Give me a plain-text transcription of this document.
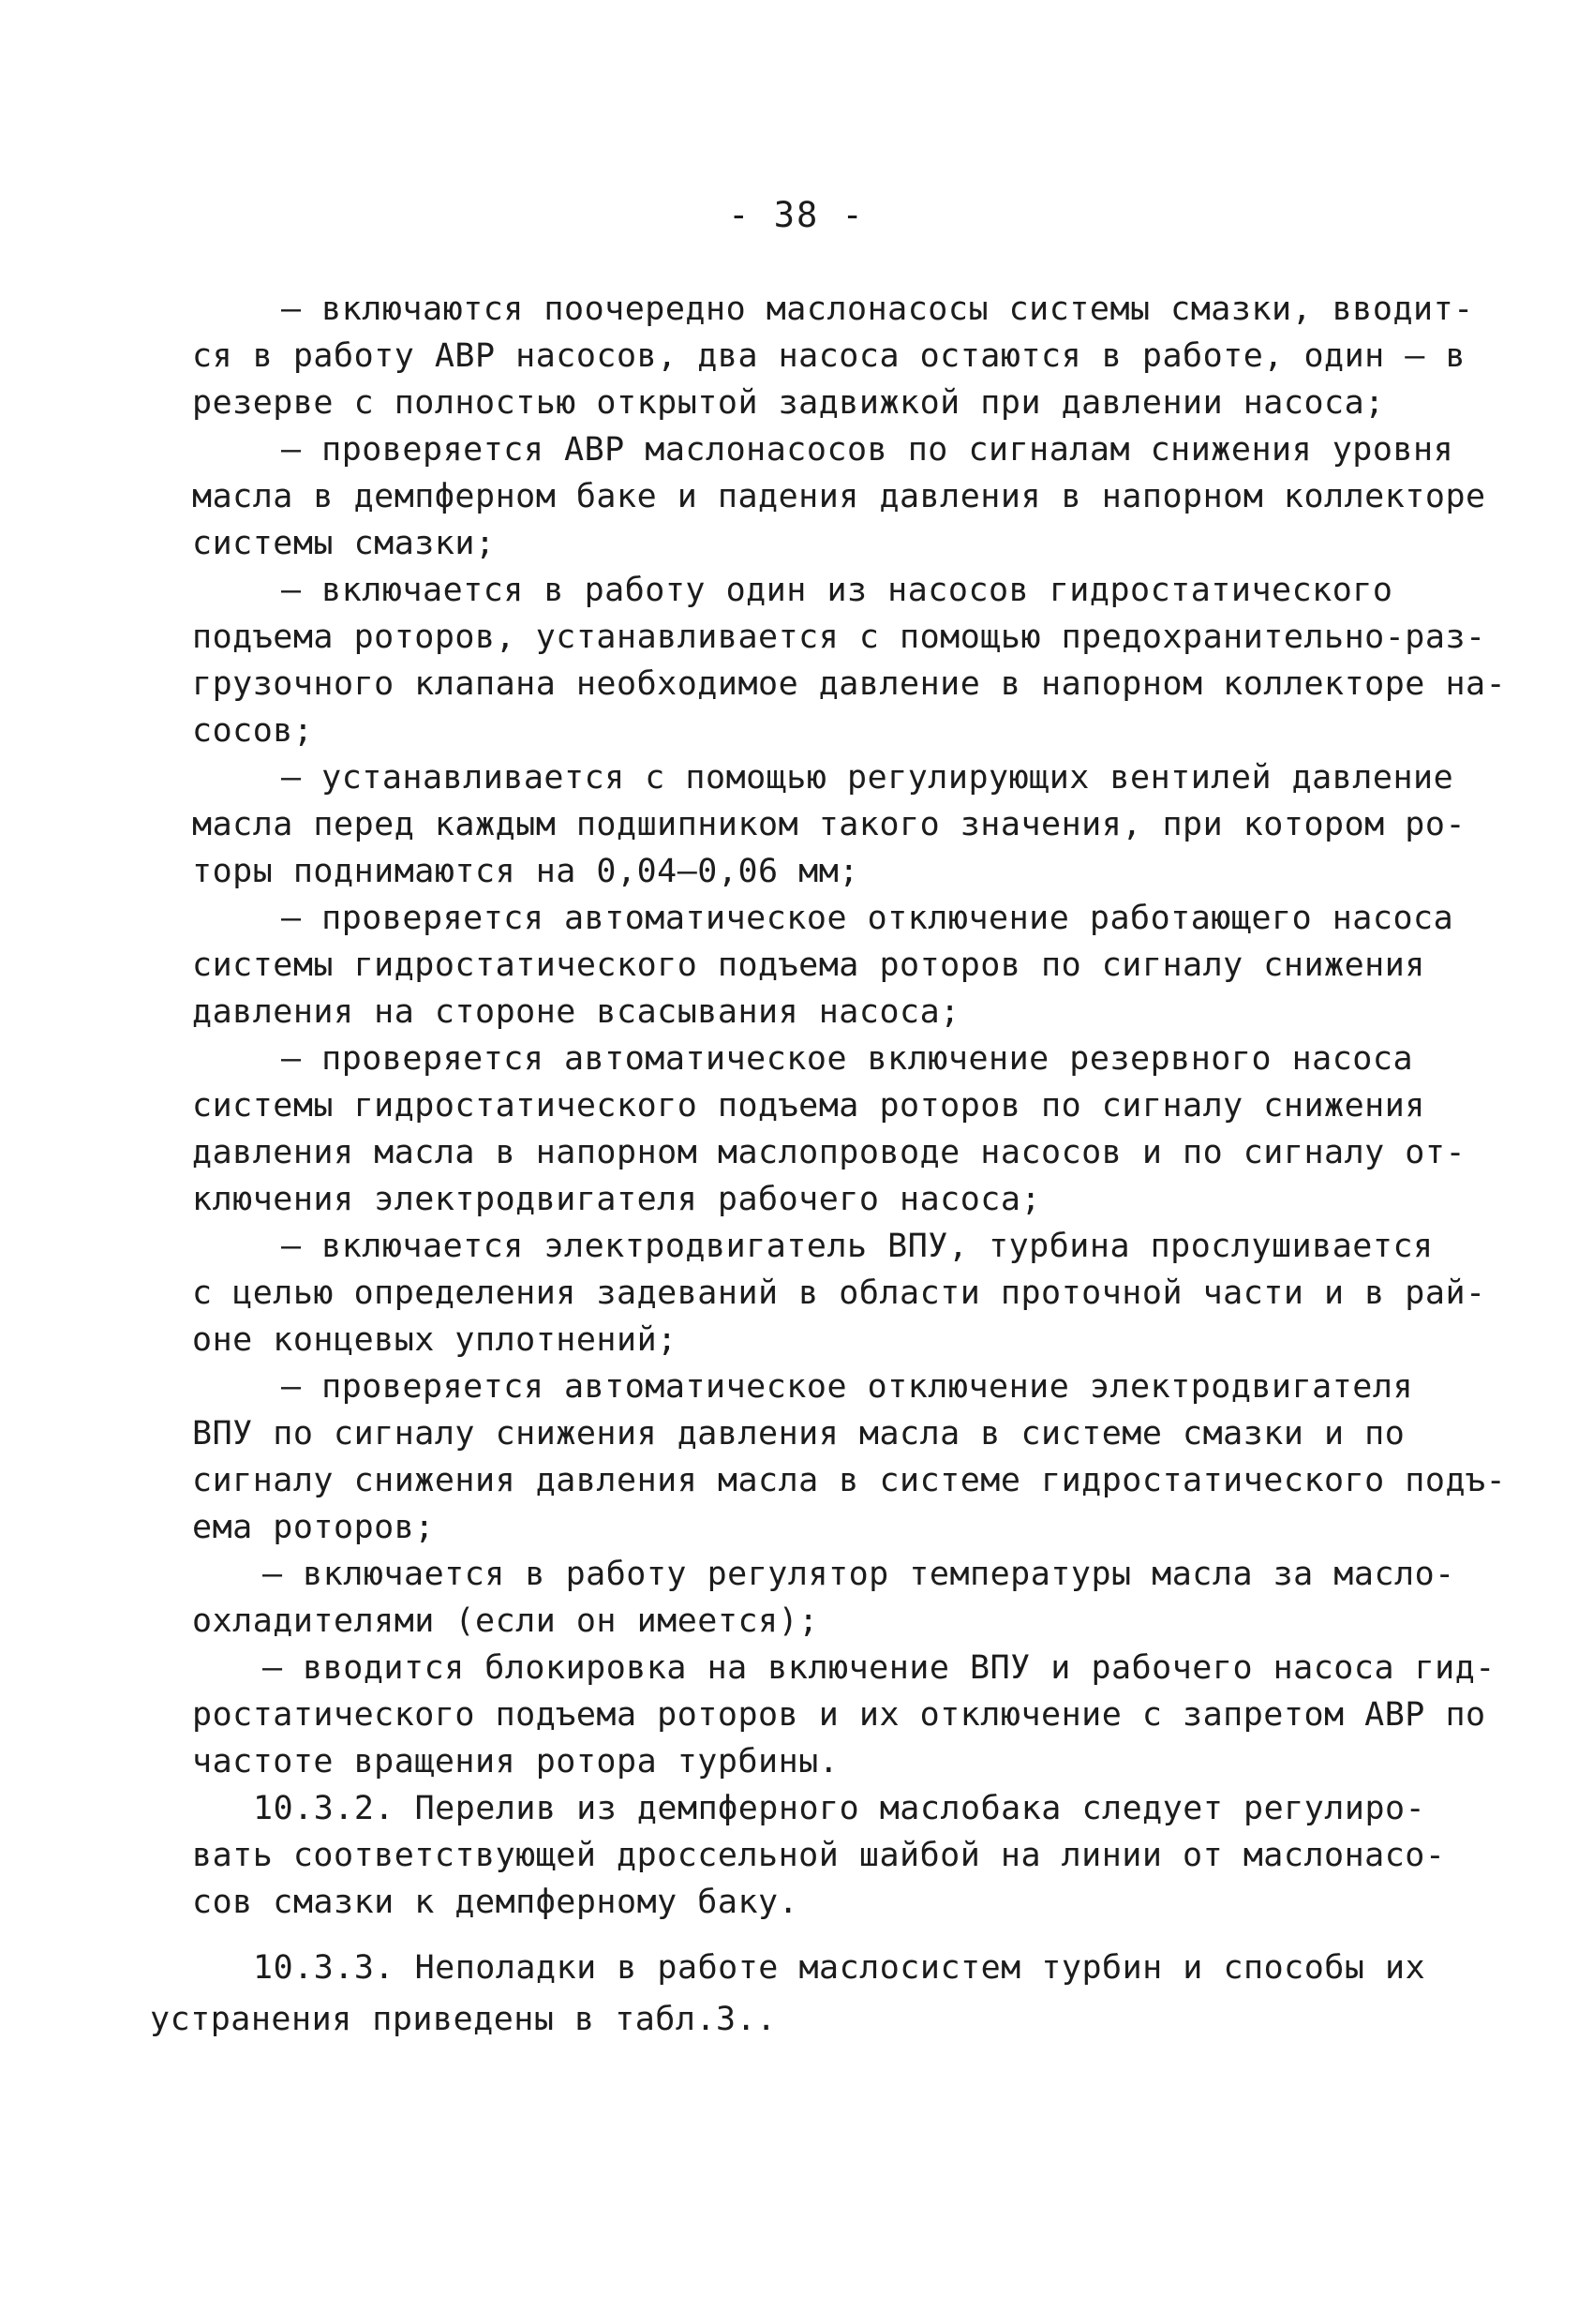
- 38 -
– включаются поочередно маслонасосы системы смазки, вводит-
ся в работу АВР насосов, два насоса остаются в работе, один – в
резерве с полностью открытой задвижкой при давлении насоса;
– проверяется АВР маслонасосов по сигналам снижения уровня
масла в демпферном баке и падения давления в напорном коллекторе
системы смазки;
– включается в работу один из насосов гидростатического
подъема роторов, устанавливается с помощью предохранительно-раз-
грузочного клапана необходимое давление в напорном коллекторе на-
сосов;
– устанавливается с помощью регулирующих вентилей давление
масла перед каждым подшипником такого значения, при котором ро-
торы поднимаются на 0,04–0,06 мм;
– проверяется автоматическое отключение работающего насоса
системы гидростатического подъема роторов по сигналу снижения
давления на стороне всасывания насоса;
– проверяется автоматическое включение резервного насоса
системы гидростатического подъема роторов по сигналу снижения
давления масла в напорном маслопроводе насосов и по сигналу от-
ключения электродвигателя рабочего насоса;
– включается электродвигатель ВПУ, турбина прослушивается
с целью определения задеваний в области проточной части и в рай-
оне концевых уплотнений;
– проверяется автоматическое отключение электродвигателя
ВПУ по сигналу снижения давления масла в системе смазки и по
сигналу снижения давления масла в системе гидростатического подъ-
ема роторов;
– включается в работу регулятор температуры масла за масло-
охладителями (если он имеется);
– вводится блокировка на включение ВПУ и рабочего насоса гид-
ростатического подъема роторов и их отключение с запретом АВР по
частоте вращения ротора турбины.
10.3.2. Перелив из демпферного маслобака следует регулиро-
вать соответствующей дроссельной шайбой на линии от маслонасо-
сов смазки к демпферному баку.
10.3.3. Неполадки в работе маслосистем турбин и способы их
устранения приведены в табл.3..
